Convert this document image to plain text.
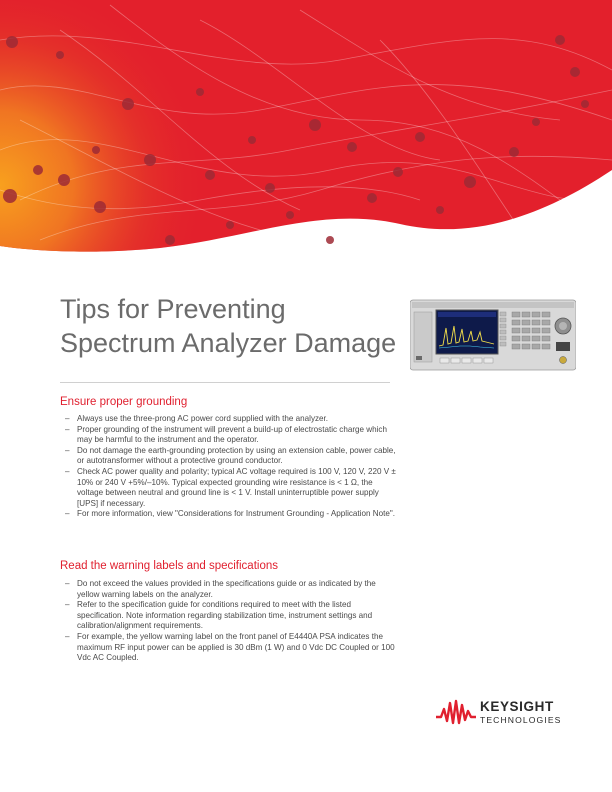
TECHNICAL
OVERVIEW
Tips for Preventing Spectrum Analyzer Damage
Ensure proper grounding
– Always use the three-prong AC power cord supplied with the analyzer.
– Proper grounding of the instrument will prevent a build-up of electrostatic charge which may be harmful to the instrument and the operator.
– Do not damage the earth-grounding protection by using an extension cable, power cable, or autotransformer without a protective ground conductor.
– Check AC power quality and polarity; typical AC voltage required is 100 V, 120 V, 220 V ± 10% or 240 V +5%/–10%. Typical expected grounding wire resistance is < 1 Ω, the voltage between neutral and ground line is < 1 V. Install uninterruptible power supply [UPS] if necessary.
– For more information, view "Considerations for Instrument Grounding - Application Note".
Read the warning labels and specifications
– Do not exceed the values provided in the specifications guide or as indicated by the yellow warning labels on the analyzer.
– Refer to the specification guide for conditions required to meet with the listed specification. Note information regarding stabilization time, instrument settings and calibration/alignment requirements.
– For example, the yellow warning label on the front panel of E4440A PSA indicates the maximum RF input power can be applied is 30 dBm (1 W) and 0 Vdc DC Coupled or 100 Vdc AC Coupled.
KEYSIGHT
TECHNOLOGIES
